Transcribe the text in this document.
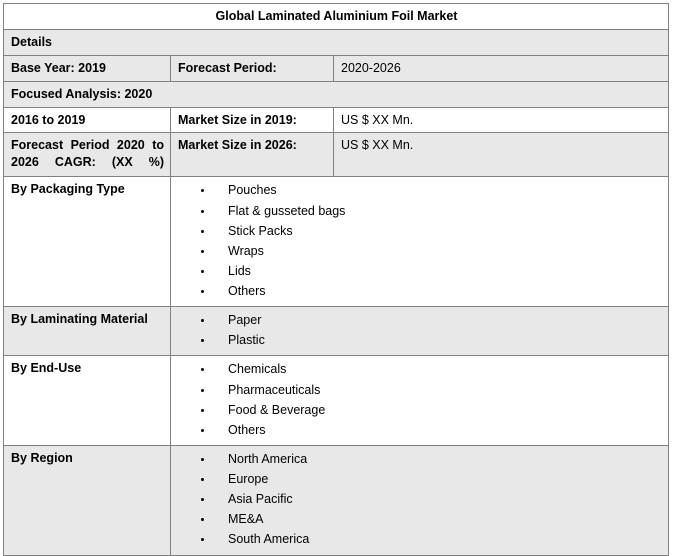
Global Laminated Aluminium Foil Market		
Details		
Base Year: 2019	Forecast Period:	2020-2026
Focused Analysis: 2020		
2016 to 2019	Market Size in 2019:	US $ XX Mn.
Forecast Period 2020 to 2026 CAGR: (XX %)	Market Size in 2026:	US $ XX Mn.
By Packaging Type	
•Pouches
• Flat & gusseted bags
• Stick Packs
• Wraps
• Lids
• Others

By Laminating Material	
•Paper
• Plastic

By End-Use	
•Chemicals
• Pharmaceuticals
• Food & Beverage
• Others

By Region	
•North America
• Europe
• Asia Pacific
• ME&A
• South America
